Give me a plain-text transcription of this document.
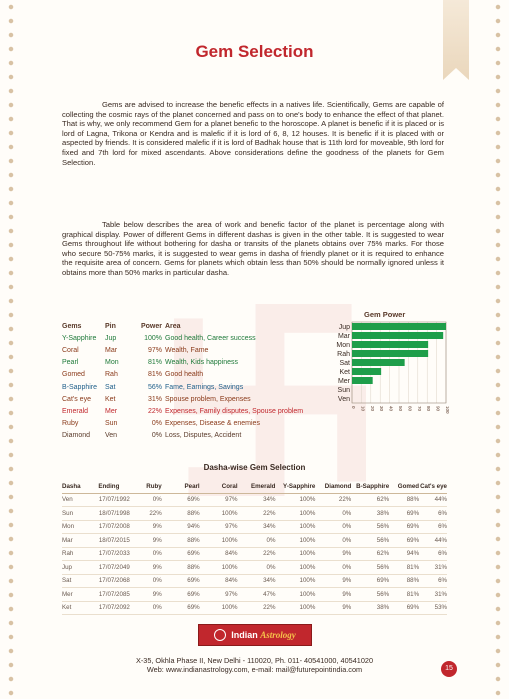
Gem Selection

Gems are advised to increase the benefic effects in a natives life. Scientifically, Gems are capable of collecting the cosmic rays of the planet concerned and pass on to one's body to enhance the effect of that planet. That is why, we only recommend Gem for a planet benefic to the horoscope. A planet is benefic if it is placed or is lord of Lagna, Trikona or Kendra and is malefic if it is lord of 6, 8, 12 houses. It is benefic if it is placed with or aspected by friends. It is considered malefic if it is lord of Badhak house that is 11th lord for moveable, 9th lord for fixed and 7th lord for mixed ascendants. Above considerations define the goodness of the planets for Gem Selection.

Table below describes the area of work and benefic factor of the planet is percentage along with graphical display. Power of different Gems in different dashas is given in the other table. It is suggested to wear Gems throughout life without bothering for dasha or transits of the planets obtains over 75% marks. For those who secure 50-75% marks, it is suggested to wear gems in dasha of friendly planet or it is required to enhance the requisite area of concern. Gems for planets which obtain less than 50% should be normally ignored unless it obtains more than 50% marks in particular dasha.

Gems	Pin	Power Area
Y-Sapphire	Jup	100% Good health, Career success
Coral	Mar	97% Wealth, Fame
Pearl	Mon	81% Wealth, Kids happiness
Gomed	Rah	81% Good health
B-Sapphire	Sat	56% Fame, Earnings, Savings
Cat's eye	Ket	31% Spouse problem, Expenses
Emerald	Mer	22% Expenses, Family disputes, Spouse problem
Ruby	Sun	0% Expenses, Disease & enemies
Diamond	Ven	0% Loss, Disputes, Accident
Gem Power
0 10 20 30 40 50 60 70 80 90 100
Jup
Mar
Mon
Rah
Sat
Ket
Mer
Sun
Ven
Dasha-wise Gem Selection
Dasha	Ending	Ruby	Pearl	Coral	Emerald	Y-Sapphire	Diamond B-Sapphire	Gomed Cat's eye
Ven	17/07/1992	0%	69%	97%	34%	100%	22%	62%	88%	44%
Sun	18/07/1998	22%	88%	100%	22%	100%	0%	38%	69%	6%
Mon	17/07/2008	9%	94%	97%	34%	100%	0%	56%	69%	6%
Mar	18/07/2015	9%	88%	100%	0%	100%	0%	56%	69%	44%
Rah	17/07/2033	0%	69%	84%	22%	100%	9%	62%	94%	6%
Jup	17/07/2049	9%	88%	100%	0%	100%	0%	56%	81%	31%
Sat	17/07/2068	0%	69%	84%	34%	100%	9%	69%	88%	6%
Mer	17/07/2085	9%	69%	97%	47%	100%	9%	56%	81%	31%
Ket	17/07/2092	0%	69%	100%	22%	100%	9%	38%	69%	53%
Indian Astrology
X-35, Okhla Phase II, New Delhi - 110020, Ph. 011- 40541000, 40541020
Web: www.indianastrology.com, e-mail: mail@futurepointindia.com	15
